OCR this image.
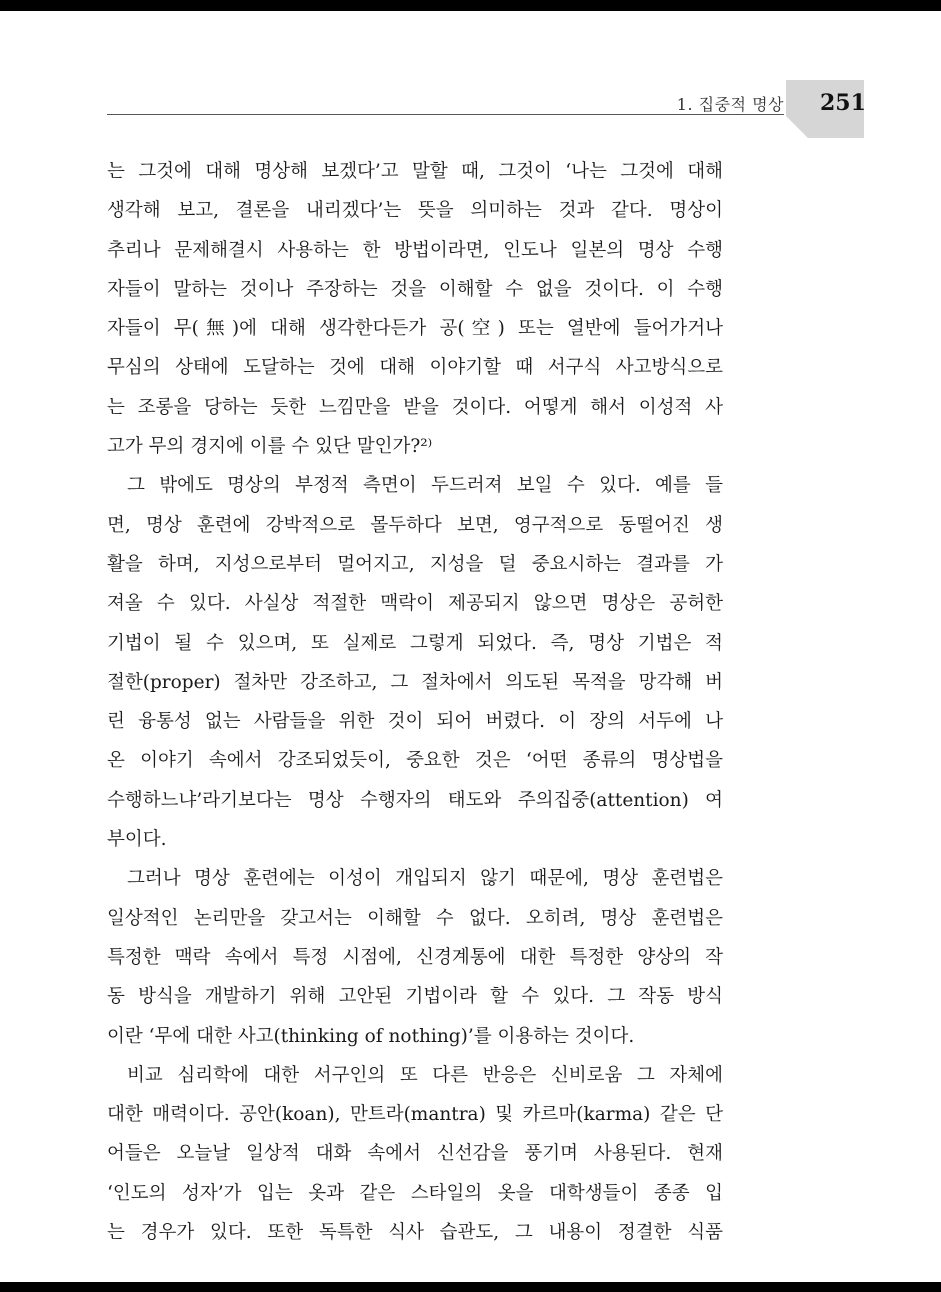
1. 집중적 명상 251
는 그것에 대해 명상해 보겠다’고 말할 때, 그것이 ‘나는 그것에 대해
생각해 보고, 결론을 내리겠다’는 뜻을 의미하는 것과 같다. 명상이
추리나 문제해결시 사용하는 한 방법이라면, 인도나 일본의 명상 수행
자들이 말하는 것이나 주장하는 것을 이해할 수 없을 것이다. 이 수행
자들이 무(無)에 대해 생각한다든가 공(空) 또는 열반에 들어가거나
무심의 상태에 도달하는 것에 대해 이야기할 때 서구식 사고방식으로
는 조롱을 당하는 듯한 느낌만을 받을 것이다. 어떻게 해서 이성적 사
고가 무의 경지에 이를 수 있단 말인가?²⁾
그 밖에도 명상의 부정적 측면이 두드러져 보일 수 있다. 예를 들
면, 명상 훈련에 강박적으로 몰두하다 보면, 영구적으로 동떨어진 생
활을 하며, 지성으로부터 멀어지고, 지성을 덜 중요시하는 결과를 가
져올 수 있다. 사실상 적절한 맥락이 제공되지 않으면 명상은 공허한
기법이 될 수 있으며, 또 실제로 그렇게 되었다. 즉, 명상 기법은 적
절한(proper) 절차만 강조하고, 그 절차에서 의도된 목적을 망각해 버
린 융통성 없는 사람들을 위한 것이 되어 버렸다. 이 장의 서두에 나
온 이야기 속에서 강조되었듯이, 중요한 것은 ‘어떤 종류의 명상법을
수행하느냐’라기보다는 명상 수행자의 태도와 주의집중(attention) 여
부이다.
그러나 명상 훈련에는 이성이 개입되지 않기 때문에, 명상 훈련법은
일상적인 논리만을 갖고서는 이해할 수 없다. 오히려, 명상 훈련법은
특정한 맥락 속에서 특정 시점에, 신경계통에 대한 특정한 양상의 작
동 방식을 개발하기 위해 고안된 기법이라 할 수 있다. 그 작동 방식
이란 ‘무에 대한 사고(thinking of nothing)’를 이용하는 것이다.
비교 심리학에 대한 서구인의 또 다른 반응은 신비로움 그 자체에
대한 매력이다. 공안(koan), 만트라(mantra) 및 카르마(karma) 같은 단
어들은 오늘날 일상적 대화 속에서 신선감을 풍기며 사용된다. 현재
‘인도의 성자’가 입는 옷과 같은 스타일의 옷을 대학생들이 종종 입
는 경우가 있다. 또한 독특한 식사 습관도, 그 내용이 정결한 식품
